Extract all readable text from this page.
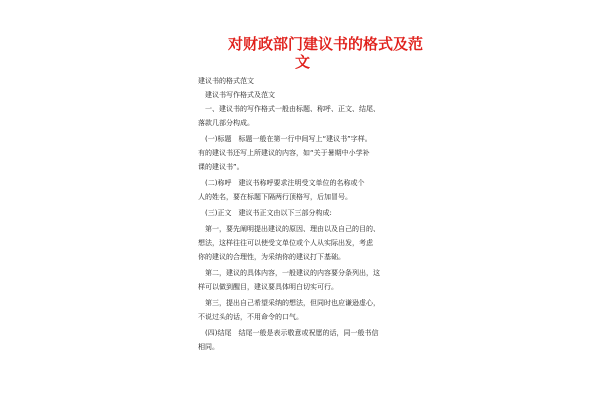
对财政部门建议书的格式及范
文
建议书的格式范文
　建议书写作格式及范文
　一、建议书的写作格式一般由标题、称呼、正文、结尾、
落款几部分构成。
　(一)标题　标题一般在第一行中间写上“建议书”字样。
有的建议书还写上所建议的内容，如“关于暑期中小学补
课的建议书”。
　(二)称呼　建议书称呼要求注明受文单位的名称或个
人的姓名，要在标题下隔两行顶格写，后加冒号。
　(三)正文　建议书正文由以下三部分构成:
　第一，要先阐明提出建议的原因、理由以及自己的目的、
想法，这样往往可以使受文单位或个人从实际出发，考虑
你的建议的合理性，为采纳你的建议打下基础。
　第二，建议的具体内容，一般建议的内容要分条列出，这
样可以做到醒目，建议要具体明白切实可行。
　第三，提出自己希望采纳的想法，但同时也应谦逊虚心，
不说过头的话，不用命令的口气。
　(四)结尾　结尾一般是表示敬意或祝愿的话，同一般书信
相同。
